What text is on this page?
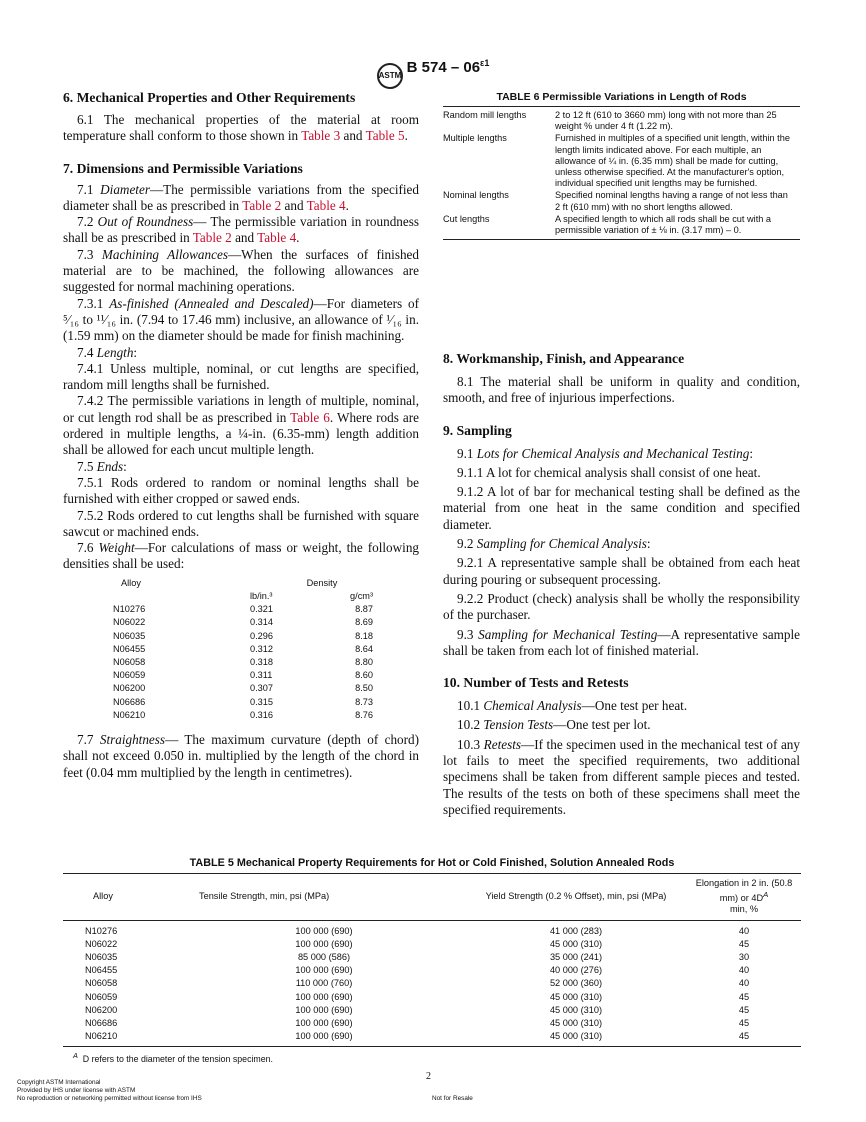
ASTM B $574 - 06^{\varepsilon 1}$
6. Mechanical Properties and Other Requirements

6.1 The mechanical properties of the material at room temperature shall conform to those shown in Table 3 and Table 5.

7. Dimensions and Permissible Variations

7.1 Diameter—The permissible variations from the specified diameter shall be as prescribed in Table 2 and Table 4.

7.2 Out of Roundness— The permissible variation in roundness shall be as prescribed in Table 2 and Table 4.

7.3 Machining Allowances—When the surfaces of finished material are to be machined, the following allowances are suggested for normal machining operations.

7.3.1 As-finished (Annealed and Descaled)—For diameters of ⁵⁄₁₆ to ¹¹⁄₁₆ in. (7.94 to 17.46 mm) inclusive, an allowance of ¹⁄₁₆ in. (1.59 mm) on the diameter should be made for finish machining.

7.4 Length:

7.4.1 Unless multiple, nominal, or cut lengths are specified, random mill lengths shall be furnished.

7.4.2 The permissible variations in length of multiple, nominal, or cut length rod shall be as prescribed in Table 6. Where rods are ordered in multiple lengths, a ¼-in. (6.35-mm) length addition shall be allowed for each uncut multiple length.

7.5 Ends:

7.5.1 Rods ordered to random or nominal lengths shall be furnished with either cropped or sawed ends.

7.5.2 Rods ordered to cut lengths shall be furnished with square sawcut or machined ends.

7.6 Weight—For calculations of mass or weight, the following densities shall be used:

Alloy	Density	
	lb/in.³	g/cm³
N10276	0.321	8.87
N06022	0.314	8.69
N06035	0.296	8.18
N06455	0.312	8.64
N06058	0.318	8.80
N06059	0.311	8.60
N06200	0.307	8.50
N06686	0.315	8.73
N06210	0.316	8.76

7.7 Straightness— The maximum curvature (depth of chord) shall not exceed 0.050 in. multiplied by the length of the chord in feet (0.04 mm multiplied by the length in centimetres).

TABLE 6 Permissible Variations in Length of Rods
Random mill lengths	2 to 12 ft (610 to 3660 mm) long with not more than 25 weight % under 4 ft (1.22 m).
Multiple lengths	Furnished in multiples of a specified unit length, within the length limits indicated above. For each multiple, an allowance of ¼ in. (6.35 mm) shall be made for cutting, unless otherwise specified. At the manufacturer's option, individual specified unit lengths may be furnished.
Nominal lengths	Specified nominal lengths having a range of not less than 2 ft (610 mm) with no short lengths allowed.
Cut lengths	A specified length to which all rods shall be cut with a permissible variation of ± ⅛ in. (3.17 mm) – 0.
8. Workmanship, Finish, and Appearance

8.1 The material shall be uniform in quality and condition, smooth, and free of injurious imperfections.

9. Sampling

9.1 Lots for Chemical Analysis and Mechanical Testing:

9.1.1 A lot for chemical analysis shall consist of one heat.

9.1.2 A lot of bar for mechanical testing shall be defined as the material from one heat in the same condition and specified diameter.

9.2 Sampling for Chemical Analysis:

9.2.1 A representative sample shall be obtained from each heat during pouring or subsequent processing.

9.2.2 Product (check) analysis shall be wholly the responsibility of the purchaser.

9.3 Sampling for Mechanical Testing—A representative sample shall be taken from each lot of finished material.

10. Number of Tests and Retests

10.1 Chemical Analysis—One test per heat.

10.2 Tension Tests—One test per lot.

10.3 Retests—If the specimen used in the mechanical test of any lot fails to meet the specified requirements, two additional specimens shall be taken from different sample pieces and tested. The results of the tests on both of these specimens shall meet the specified requirements.

TABLE 5 Mechanical Property Requirements for Hot or Cold Finished, Solution Annealed Rods
Alloy	Tensile Strength, min, psi (MPa)	Yield Strength (0.2 % Offset), min, psi (MPa)	Elongation in 2 in. (50.8 mm) or $4D^A$
min, %
N10276	100 000 (690)	41 000 (283)	40
N06022	100 000 (690)	45 000 (310)	45
N06035	85 000 (586)	35 000 (241)	30
N06455	100 000 (690)	40 000 (276)	40
N06058	110 000 (760)	52 000 (360)	40
N06059	100 000 (690)	45 000 (310)	45
N06200	100 000 (690)	45 000 (310)	45
N06686	100 000 (690)	45 000 (310)	45
N06210	100 000 (690)	45 000 (310)	45
$^A$ D refers to the diameter of the tension specimen.
2
Copyright ASTM International
Provided by IHS under license with ASTM
No reproduction or networking permitted without license from IHS	Not for Resale
